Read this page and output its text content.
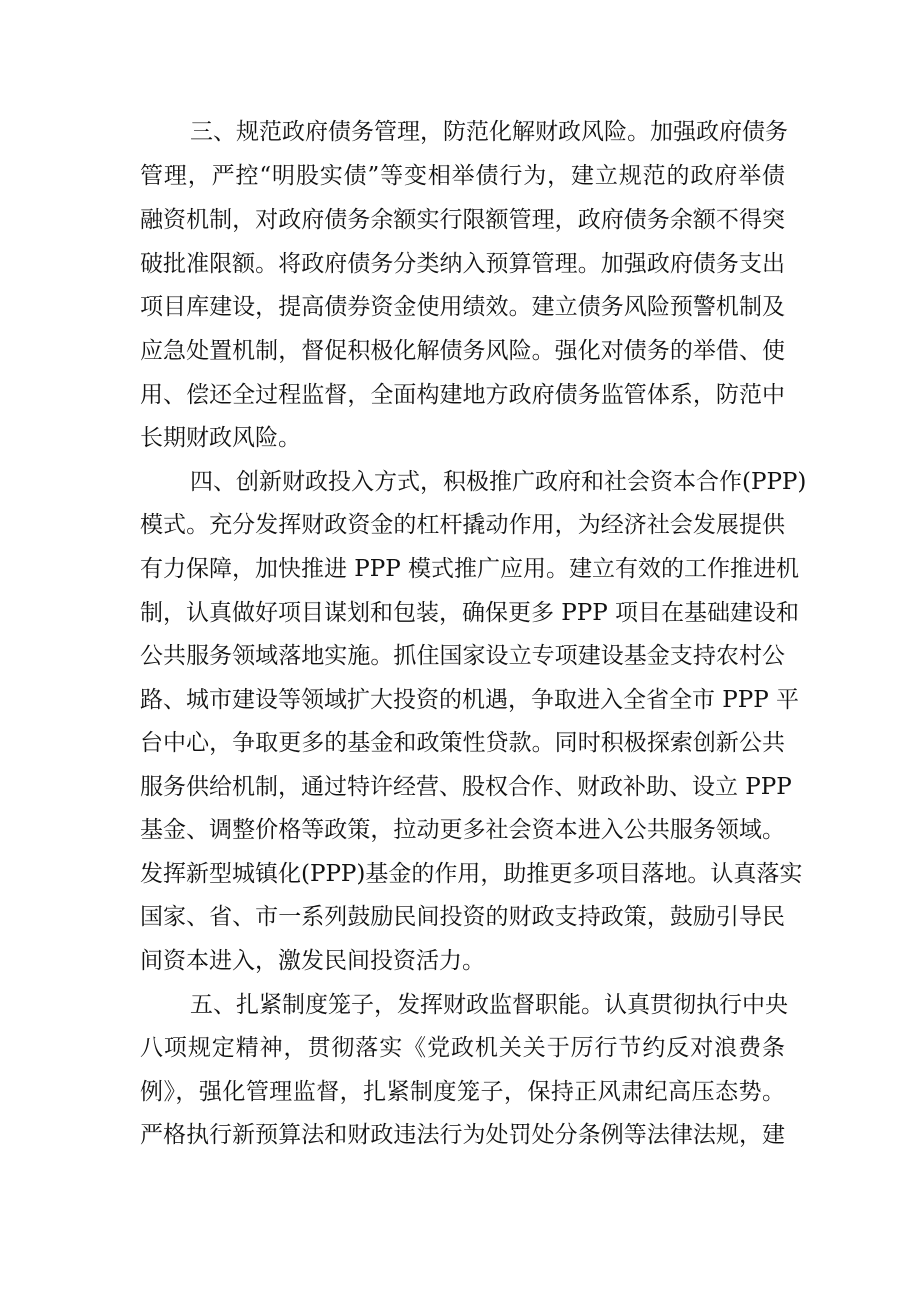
三、规范政府债务管理，防范化解财政风险。加强政府债务
管理，严控“明股实债”等变相举债行为，建立规范的政府举债
融资机制，对政府债务余额实行限额管理，政府债务余额不得突
破批准限额。将政府债务分类纳入预算管理。加强政府债务支出
项目库建设，提高债券资金使用绩效。建立债务风险预警机制及
应急处置机制，督促积极化解债务风险。强化对债务的举借、使
用、偿还全过程监督，全面构建地方政府债务监管体系，防范中
长期财政风险。
四、创新财政投入方式，积极推广政府和社会资本合作(PPP)
模式。充分发挥财政资金的杠杆撬动作用，为经济社会发展提供
有力保障，加快推进 PPP 模式推广应用。建立有效的工作推进机
制，认真做好项目谋划和包装，确保更多 PPP 项目在基础建设和
公共服务领域落地实施。抓住国家设立专项建设基金支持农村公
路、城市建设等领域扩大投资的机遇，争取进入全省全市 PPP 平
台中心，争取更多的基金和政策性贷款。同时积极探索创新公共
服务供给机制，通过特许经营、股权合作、财政补助、设立 PPP
基金、调整价格等政策，拉动更多社会资本进入公共服务领域。
发挥新型城镇化(PPP)基金的作用，助推更多项目落地。认真落实
国家、省、市一系列鼓励民间投资的财政支持政策，鼓励引导民
间资本进入，激发民间投资活力。
五、扎紧制度笼子，发挥财政监督职能。认真贯彻执行中央
八项规定精神，贯彻落实《党政机关关于厉行节约反对浪费条
例》，强化管理监督，扎紧制度笼子，保持正风肃纪高压态势。
严格执行新预算法和财政违法行为处罚处分条例等法律法规，建
